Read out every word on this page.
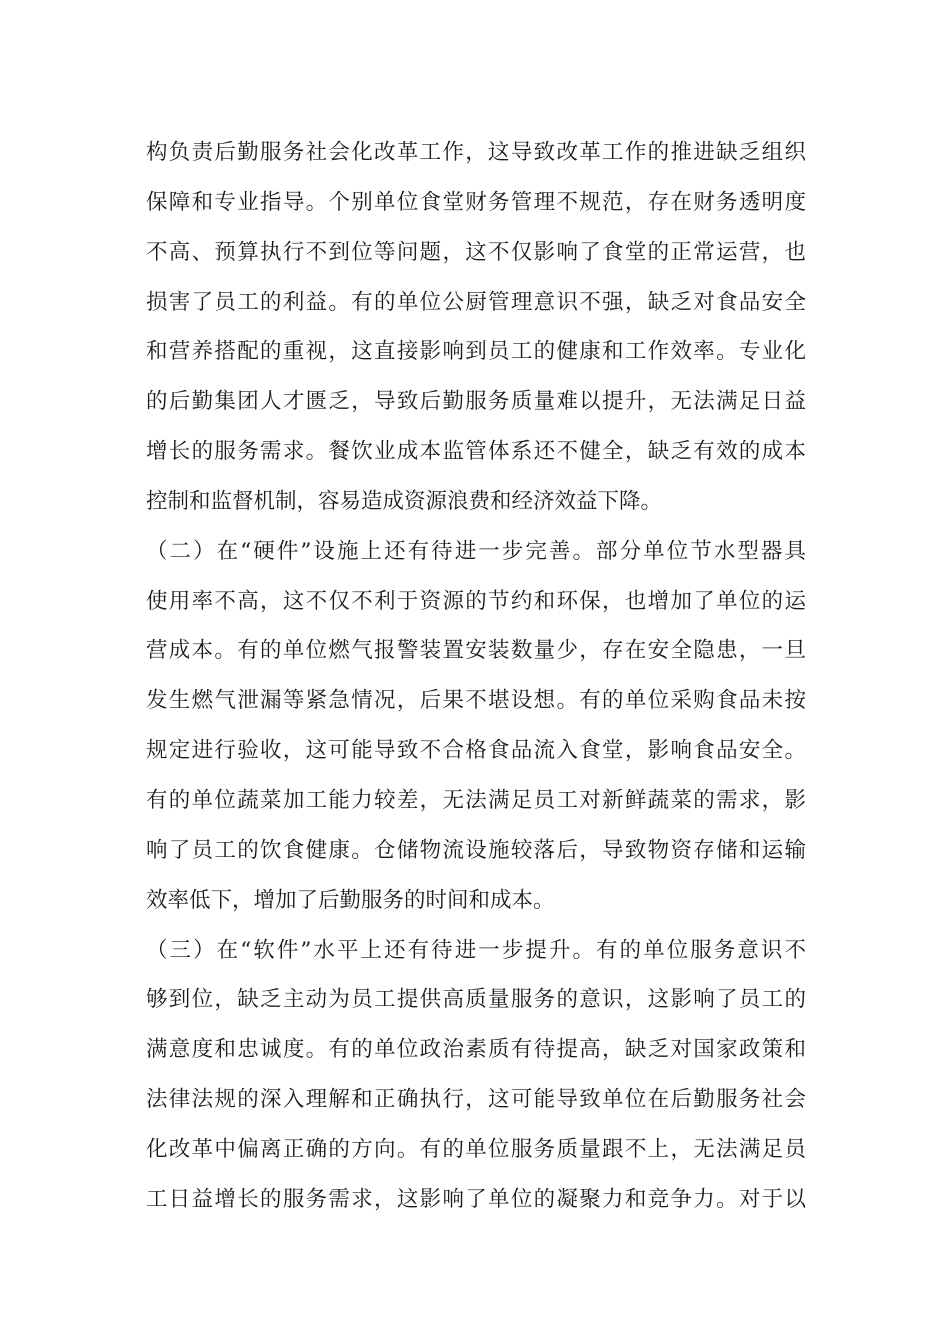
构负责后勤服务社会化改革工作，这导致改革工作的推进缺乏组织
保障和专业指导。个别单位食堂财务管理不规范，存在财务透明度
不高、预算执行不到位等问题，这不仅影响了食堂的正常运营，也
损害了员工的利益。有的单位公厨管理意识不强，缺乏对食品安全
和营养搭配的重视，这直接影响到员工的健康和工作效率。专业化
的后勤集团人才匮乏，导致后勤服务质量难以提升，无法满足日益
增长的服务需求。餐饮业成本监管体系还不健全，缺乏有效的成本
控制和监督机制，容易造成资源浪费和经济效益下降。
（二）在“硬件”设施上还有待进一步完善。部分单位节水型器具
使用率不高，这不仅不利于资源的节约和环保，也增加了单位的运
营成本。有的单位燃气报警装置安装数量少，存在安全隐患，一旦
发生燃气泄漏等紧急情况，后果不堪设想。有的单位采购食品未按
规定进行验收，这可能导致不合格食品流入食堂，影响食品安全。
有的单位蔬菜加工能力较差，无法满足员工对新鲜蔬菜的需求，影
响了员工的饮食健康。仓储物流设施较落后，导致物资存储和运输
效率低下，增加了后勤服务的时间和成本。
（三）在“软件”水平上还有待进一步提升。有的单位服务意识不
够到位，缺乏主动为员工提供高质量服务的意识，这影响了员工的
满意度和忠诚度。有的单位政治素质有待提高，缺乏对国家政策和
法律法规的深入理解和正确执行，这可能导致单位在后勤服务社会
化改革中偏离正确的方向。有的单位服务质量跟不上，无法满足员
工日益增长的服务需求，这影响了单位的凝聚力和竞争力。对于以
